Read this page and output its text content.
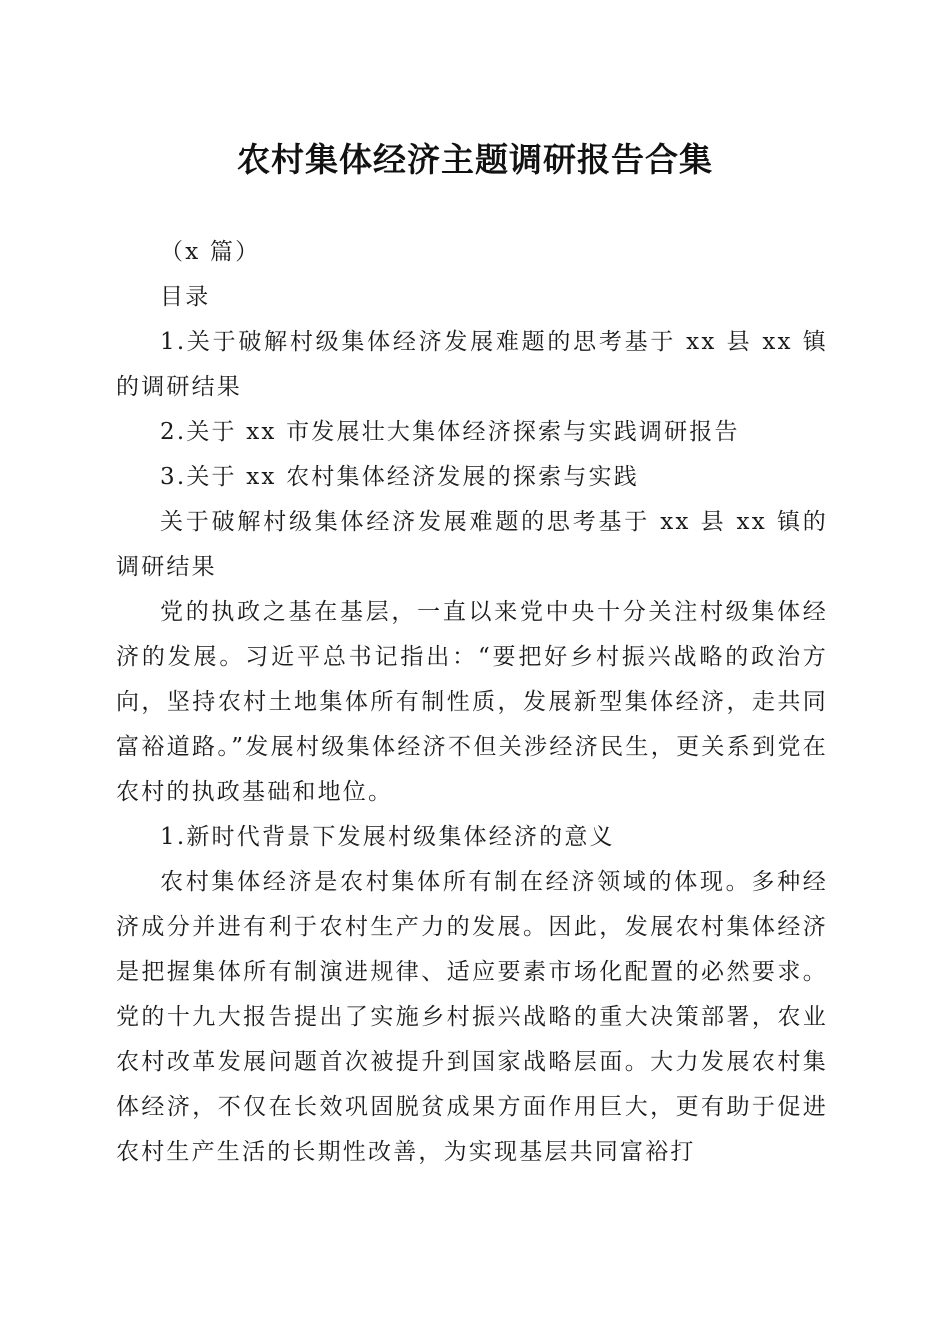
农村集体经济主题调研报告合集

（x 篇）

目录

1.关于破解村级集体经济发展难题的思考基于 xx 县 xx 镇的调研结果

2.关于 xx 市发展壮大集体经济探索与实践调研报告

3.关于 xx 农村集体经济发展的探索与实践

关于破解村级集体经济发展难题的思考基于 xx 县 xx 镇的调研结果

党的执政之基在基层，一直以来党中央十分关注村级集体经济的发展。习近平总书记指出：“要把好乡村振兴战略的政治方向，坚持农村土地集体所有制性质，发展新型集体经济，走共同富裕道路。”发展村级集体经济不但关涉经济民生，更关系到党在农村的执政基础和地位。

1.新时代背景下发展村级集体经济的意义

农村集体经济是农村集体所有制在经济领域的体现。多种经济成分并进有利于农村生产力的发展。因此，发展农村集体经济是把握集体所有制演进规律、适应要素市场化配置的必然要求。党的十九大报告提出了实施乡村振兴战略的重大决策部署，农业农村改革发展问题首次被提升到国家战略层面。大力发展农村集体经济，不仅在长效巩固脱贫成果方面作用巨大，更有助于促进农村生产生活的长期性改善，为实现基层共同富裕打
